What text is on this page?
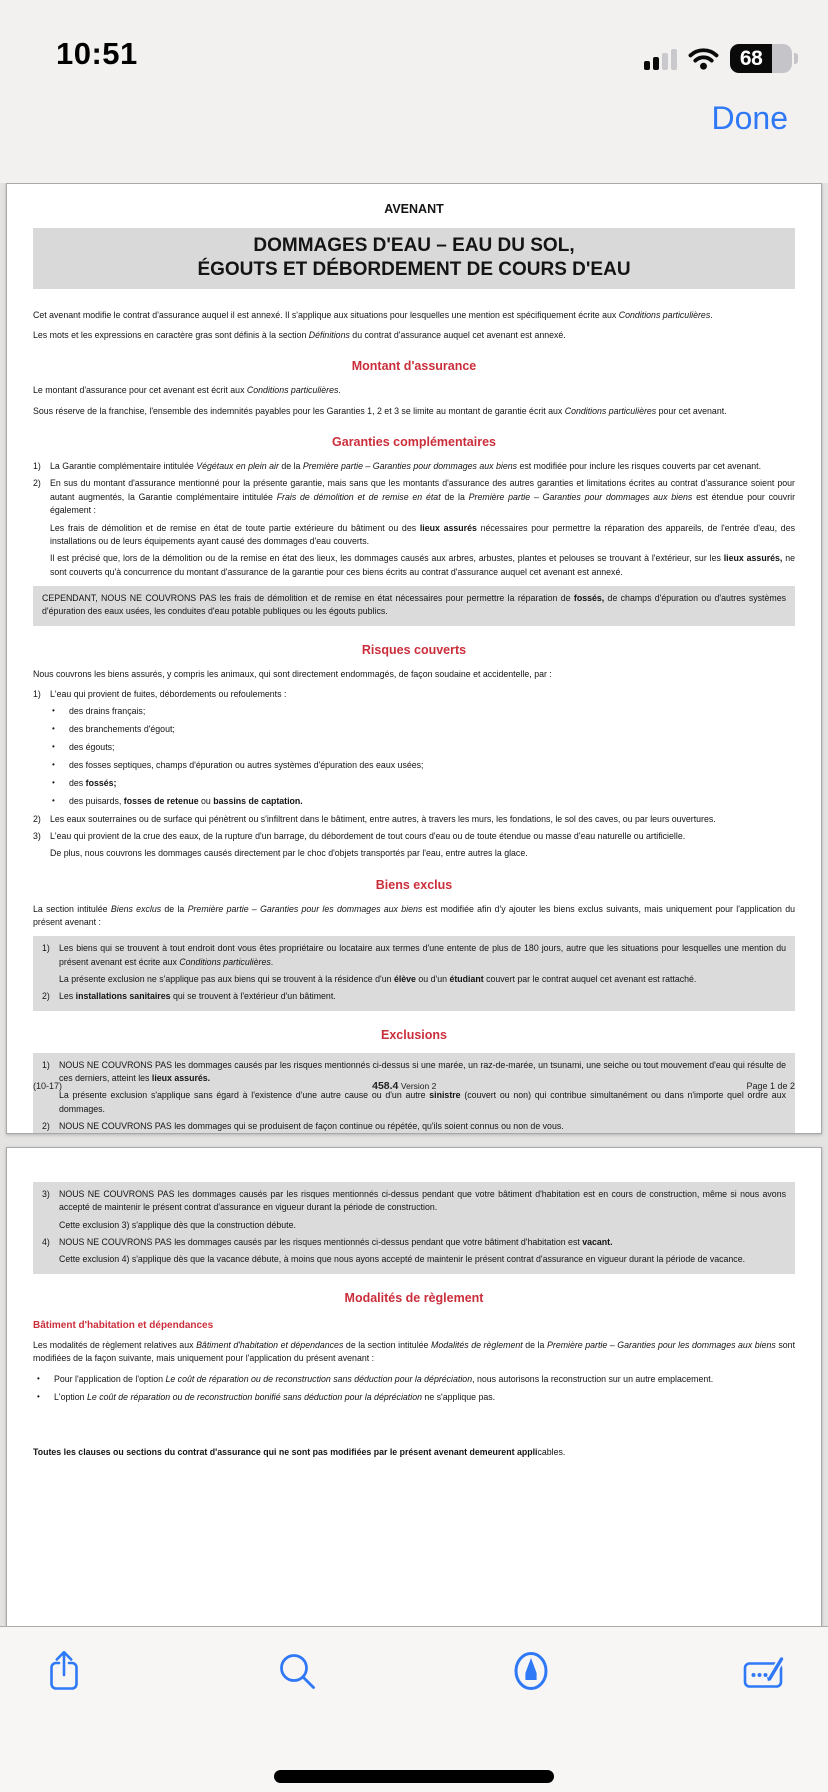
10:51	68
Done
AVENANT
DOMMAGES D'EAU – EAU DU SOL,
ÉGOUTS ET DÉBORDEMENT DE COURS D'EAU

Cet avenant modifie le contrat d'assurance auquel il est annexé. Il s'applique aux situations pour lesquelles une mention est spécifiquement écrite aux Conditions particulières.

Les mots et les expressions en caractère gras sont définis à la section Définitions du contrat d'assurance auquel cet avenant est annexé.

Montant d'assurance

Le montant d'assurance pour cet avenant est écrit aux Conditions particulières.

Sous réserve de la franchise, l'ensemble des indemnités payables pour les Garanties 1, 2 et 3 se limite au montant de garantie écrit aux Conditions particulières pour cet avenant.

Garanties complémentaires
1)	La Garantie complémentaire intitulée Végétaux en plein air de la Première partie – Garanties pour dommages aux biens est modifiée pour inclure les risques couverts par cet avenant.
2)	En sus du montant d'assurance mentionné pour la présente garantie, mais sans que les montants d'assurance des autres garanties et limitations écrites au contrat d'assurance soient pour autant augmentés, la Garantie complémentaire intitulée Frais de démolition et de remise en état de la Première partie – Garanties pour dommages aux biens est étendue pour couvrir également :

Les frais de démolition et de remise en état de toute partie extérieure du bâtiment ou des lieux assurés nécessaires pour permettre la réparation des appareils, de l'entrée d'eau, des installations ou de leurs équipements ayant causé des dommages d'eau couverts.

Il est précisé que, lors de la démolition ou de la remise en état des lieux, les dommages causés aux arbres, arbustes, plantes et pelouses se trouvant à l'extérieur, sur les lieux assurés, ne sont couverts qu'à concurrence du montant d'assurance de la garantie pour ces biens écrits au contrat d'assurance auquel cet avenant est annexé.

CEPENDANT, NOUS NE COUVRONS PAS les frais de démolition et de remise en état nécessaires pour permettre la réparation de fossés, de champs d'épuration ou d'autres systèmes d'épuration des eaux usées, les conduites d'eau potable publiques ou les égouts publics.
Risques couverts

Nous couvrons les biens assurés, y compris les animaux, qui sont directement endommagés, de façon soudaine et accidentelle, par :

1)	L'eau qui provient de fuites, débordements ou refoulements :
•	des drains français;
•	des branchements d'égout;
•	des égouts;
•	des fosses septiques, champs d'épuration ou autres systèmes d'épuration des eaux usées;
•	des fossés;
•	des puisards, fosses de retenue ou bassins de captation.
2)	Les eaux souterraines ou de surface qui pénètrent ou s'infiltrent dans le bâtiment, entre autres, à travers les murs, les fondations, le sol des caves, ou par leurs ouvertures.
3)	L'eau qui provient de la crue des eaux, de la rupture d'un barrage, du débordement de tout cours d'eau ou de toute étendue ou masse d'eau naturelle ou artificielle.

De plus, nous couvrons les dommages causés directement par le choc d'objets transportés par l'eau, entre autres la glace.

Biens exclus

La section intitulée Biens exclus de la Première partie – Garanties pour les dommages aux biens est modifiée afin d'y ajouter les biens exclus suivants, mais uniquement pour l'application du présent avenant :

1)	Les biens qui se trouvent à tout endroit dont vous êtes propriétaire ou locataire aux termes d'une entente de plus de 180 jours, autre que les situations pour lesquelles une mention du présent avenant est écrite aux Conditions particulières.

La présente exclusion ne s'applique pas aux biens qui se trouvent à la résidence d'un élève ou d'un étudiant couvert par le contrat auquel cet avenant est rattaché.

2)	Les installations sanitaires qui se trouvent à l'extérieur d'un bâtiment.
Exclusions
1)	NOUS NE COUVRONS PAS les dommages causés par les risques mentionnés ci-dessus si une marée, un raz-de-marée, un tsunami, une seiche ou tout mouvement d'eau qui résulte de ces derniers, atteint les lieux assurés.

La présente exclusion s'applique sans égard à l'existence d'une autre cause ou d'un autre sinistre (couvert ou non) qui contribue simultanément ou dans n'importe quel ordre aux dommages.

2)	NOUS NE COUVRONS PAS les dommages qui se produisent de façon continue ou répétée, qu'ils soient connus ou non de vous.
(10-17)	458.4 Version 2	Page 1 de 2
3)	NOUS NE COUVRONS PAS les dommages causés par les risques mentionnés ci-dessus pendant que votre bâtiment d'habitation est en cours de construction, même si nous avons accepté de maintenir le présent contrat d'assurance en vigueur durant la période de construction.

Cette exclusion 3) s'applique dès que la construction débute.

4)	NOUS NE COUVRONS PAS les dommages causés par les risques mentionnés ci-dessus pendant que votre bâtiment d'habitation est vacant.

Cette exclusion 4) s'applique dès que la vacance débute, à moins que nous ayons accepté de maintenir le présent contrat d'assurance en vigueur durant la période de vacance.

Modalités de règlement
Bâtiment d'habitation et dépendances

Les modalités de règlement relatives aux Bâtiment d'habitation et dépendances de la section intitulée Modalités de règlement de la Première partie – Garanties pour les dommages aux biens sont modifiées de la façon suivante, mais uniquement pour l'application du présent avenant :

•	Pour l'application de l'option Le coût de réparation ou de reconstruction sans déduction pour la dépréciation, nous autorisons la reconstruction sur un autre emplacement.
•	L'option Le coût de réparation ou de reconstruction bonifié sans déduction pour la dépréciation ne s'applique pas.

Toutes les clauses ou sections du contrat d'assurance qui ne sont pas modifiées par le présent avenant demeurent applicables.
